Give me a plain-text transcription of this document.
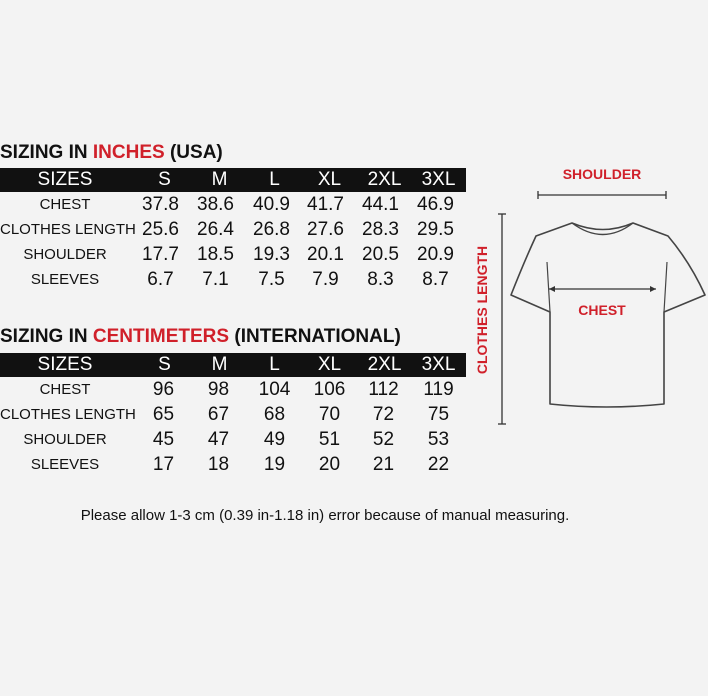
SIZING IN INCHES (USA)
SIZES	S	M	L	XL	2XL	3XL
CHEST	37.8 38.6	40.9 41.7 44.1 46.9
CLOTHES LENGTH 25.6 26.4	26.8 27.6 28.3 29.5
SHOULDER	17.7 18.5	19.3 20.1 20.5 20.9
SLEEVES	6.7	7.1	7.5	7.9	8.3	8.7
SIZING IN CENTIMETERS (INTERNATIONAL)
SIZES	S	M	L	XL	2XL	3XL
CHEST	96	98	104	106	112	119
CLOTHES LENGTH 65	67	68	70	72	75
SHOULDER	45	47	49	51	52	53
SLEEVES	17	18	19	20	21	22
Please allow 1-3 cm (0.39 in-1.18 in) error because of manual measuring.
SHOULDER
CLOTHES LENGTH	CHEST
